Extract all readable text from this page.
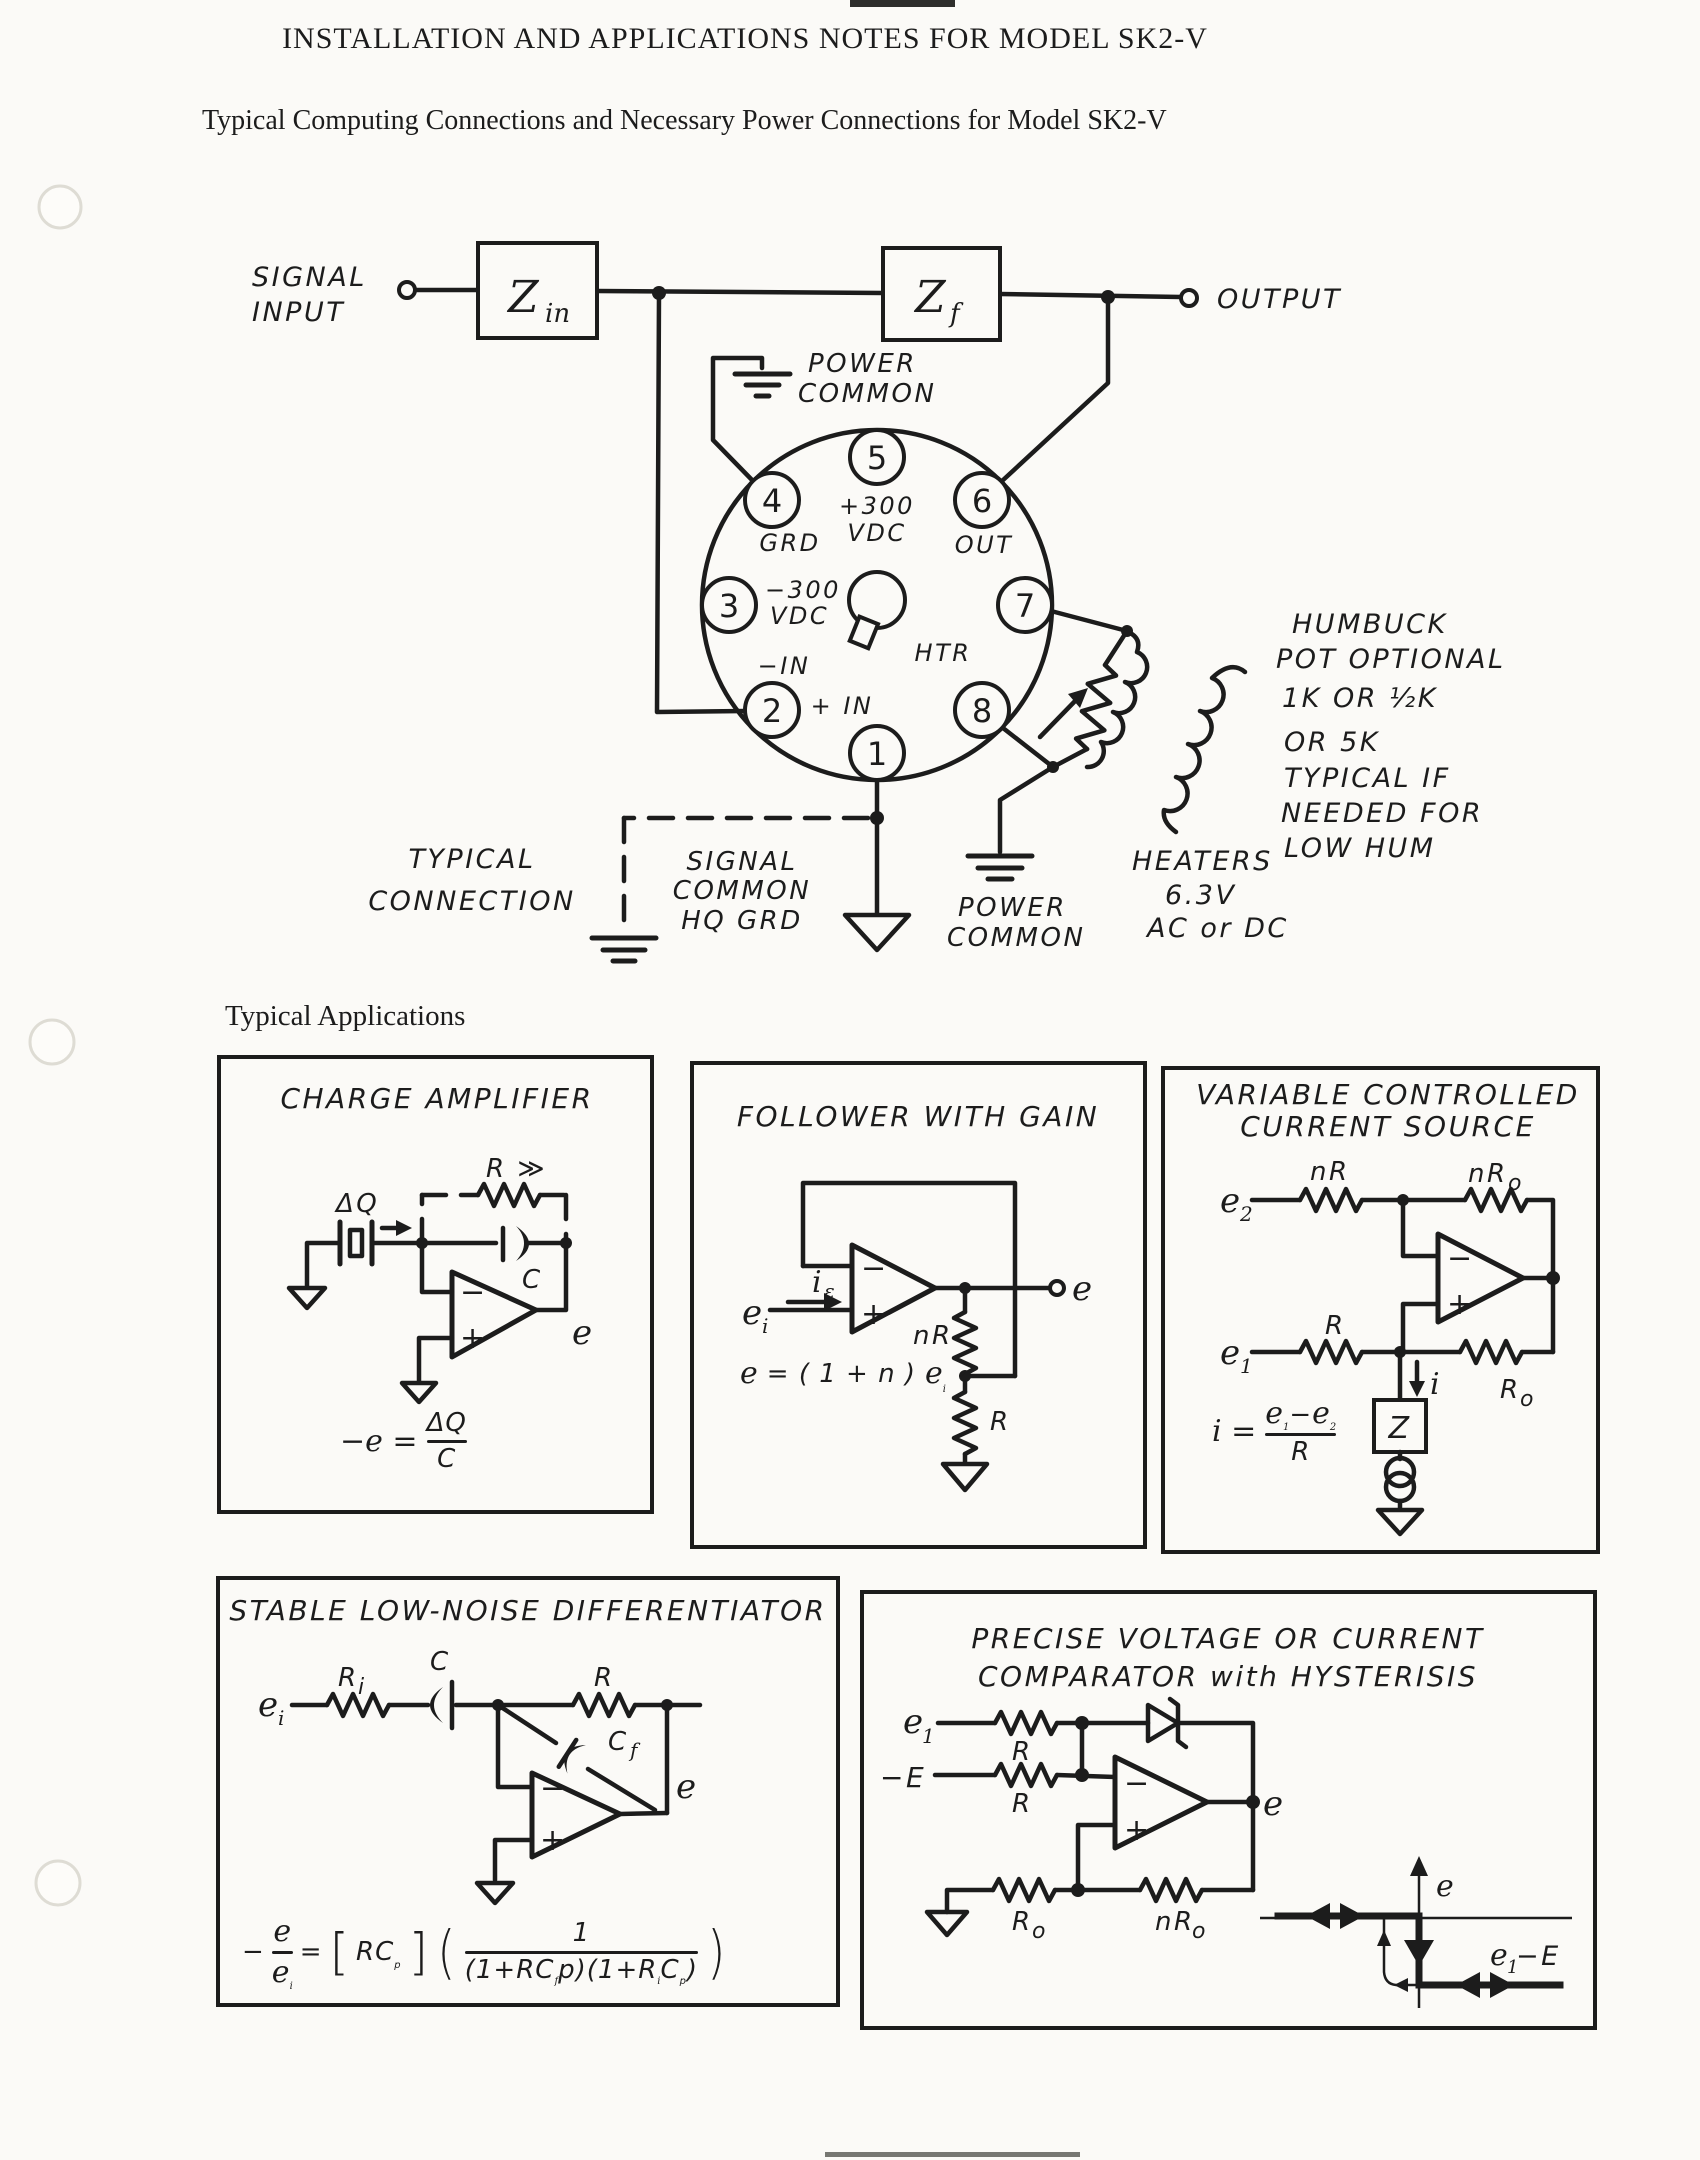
Z in	Z f
5
6
7
8
1
2
3
4 +300
VDC
GRD	OUT
−300
VDC
−IN
+ IN
HTR
SIGNAL
INPUT	OUTPUT
POWER
COMMON
TYPICAL
CONNECTION
SIGNAL
COMMON
HQ GRD	POWER
COMMON
HEATERS
6.3V
AC or DC
HUMBUCK
POT OPTIONAL
1K OR ½K
OR 5K
TYPICAL IF
NEEDED FOR
LOW HUM
CHARGE AMPLIFIER
ΔQ
R ≫
C
−
+	e
FOLLOWER WITH GAIN
−
+
i ε
e i
e
nR
R
VARIABLE CONTROLLED
CURRENT SOURCE
−
+
e 2
e 1
nR	nR o
R
R o
i
Z
STABLE LOW-NOISE DIFFERENTIATOR
−
+
e i
R i
C
R
C f
e
PRECISE VOLTAGE OR CURRENT
COMPARATOR with HYSTERISIS
−
+
e
1
−E
R
R
R o	nR
o
e
e
e 1
−E
INSTALLATION AND APPLICATIONS NOTES FOR MODEL SK2-V
Typical Computing Connections and Necessary Power Connections for Model SK2-V
Typical Applications
$-e = \frac{\Delta Q}{C}$
e = ( 1 + n ) e i
$i = \frac{e 1 - e 2}{R}$
− $\frac{e}{\text{e i}}$ = [ RC p ] ( $\frac{1}{\text{(1+RC f p)(1+R i C p )}}$ )
